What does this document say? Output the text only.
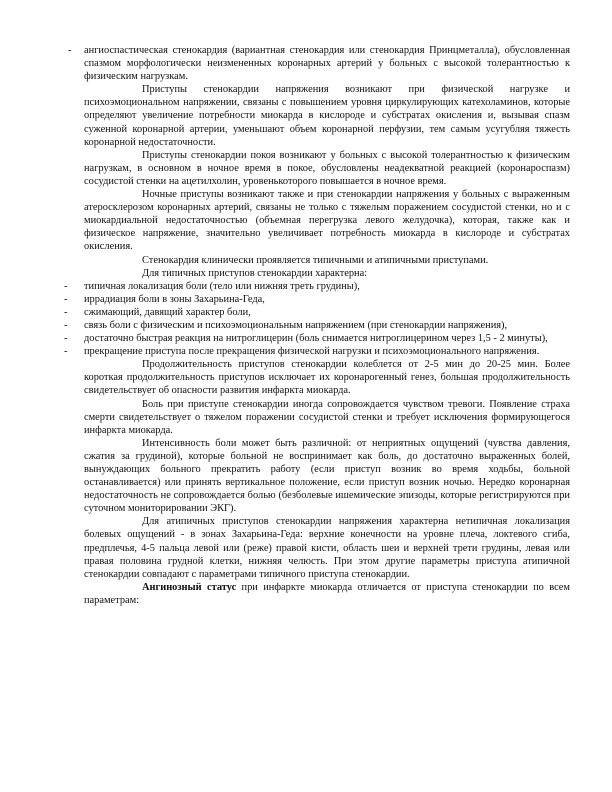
- ангиоспастическая стенокардия (вариантная стенокардия или стенокардия Принцметалла), обусловленная спазмом морфологически неизмененных коронарных артерий у больных с высокой толерантностью к физическим нагрузкам.

Приступы стенокардии напряжения возникают при физической нагрузке и психоэмоциональном напряжении, связаны с повышением уровня циркулирующих катехоламинов, которые определяют увеличение потребности миокарда в кислороде и субстратах окисления и, вызывая спазм суженной коронарной артерии, уменьшают объем коронарной перфузии, тем самым усугубляя тяжесть коронарной недостаточности.

Приступы стенокардии покоя возникают у больных с высокой толерантностью к физическим нагрузкам, в основном в ночное время в покое, обусловлены неадекватной реакцией (коронароспазм) сосудистой стенки на ацетилхолин, уровенькоторого повышается в ночное время.

Ночные приступы возникают также и при стенокардии напряжения у больных с выраженным атеросклерозом коронарных артерий, связаны не только с тяжелым поражением сосудистой стенки, но и с миокардиальной недостаточностью (объемная перегрузка левого желудочка), которая, также как и физическое напряжение, значительно увеличивает потребность миокарда в кислороде и субстратах окисления.

Стенокардия клинически проявляется типичными и атипичными приступами.

Для типичных приступов стенокардии характерна:

- типичная локализация боли (тело или нижняя треть грудины),

- иррадиация боли в зоны Захарьина-Геда,

- сжимающий, давящий характер боли,

- связь боли с физическим и психоэмоциональным напряжением (при стенокардии напряжения),

- достаточно быстрая реакция на нитроглицерин (боль снимается нитроглицерином через 1,5 - 2 минуты),

- прекращение приступа после прекращения физической нагрузки и психоэмоционального напряжения.

Продолжительность приступов стенокардии колеблется от 2-5 мин до 20-25 мин. Более короткая продолжительность приступов исключает их коронарогенный генез, большая продолжительность свидетельствует об опасности развития инфаркта миокарда.

Боль при приступе стенокардии иногда сопровождается чувством тревоги. Появление страха смерти свидетельствует о тяжелом поражении сосудистой стенки и требует исключения формирующегося инфаркта миокарда.

Интенсивность боли может быть различной: от неприятных ощущений (чувства давления, сжатия за грудиной), которые больной не воспринимает как боль, до достаточно выраженных болей, вынуждающих больного прекратить работу (если приступ возник во время ходьбы, больной останавливается) или принять вертикальное положение, если приступ возник ночью. Нередко коронарная недостаточность не сопровождается болью (безболевые ишемические эпизоды, которые регистрируются при суточном мониторировании ЭКГ).

Для атипичных приступов стенокардии напряжения характерна нетипичная локализация болевых ощущений - в зонах Захарьина-Геда: верхние конечности на уровне плеча, локтевого сгиба, предплечья, 4-5 пальца левой или (реже) правой кисти, область шеи и верхней трети грудины, левая или правая половина грудной клетки, нижняя челюсть. При этом другие параметры приступа атипичной стенокардии совпадают с параметрами типичного приступа стенокардии.

Ангинозный статус при инфаркте миокарда отличается от приступа стенокардии по всем параметрам:
